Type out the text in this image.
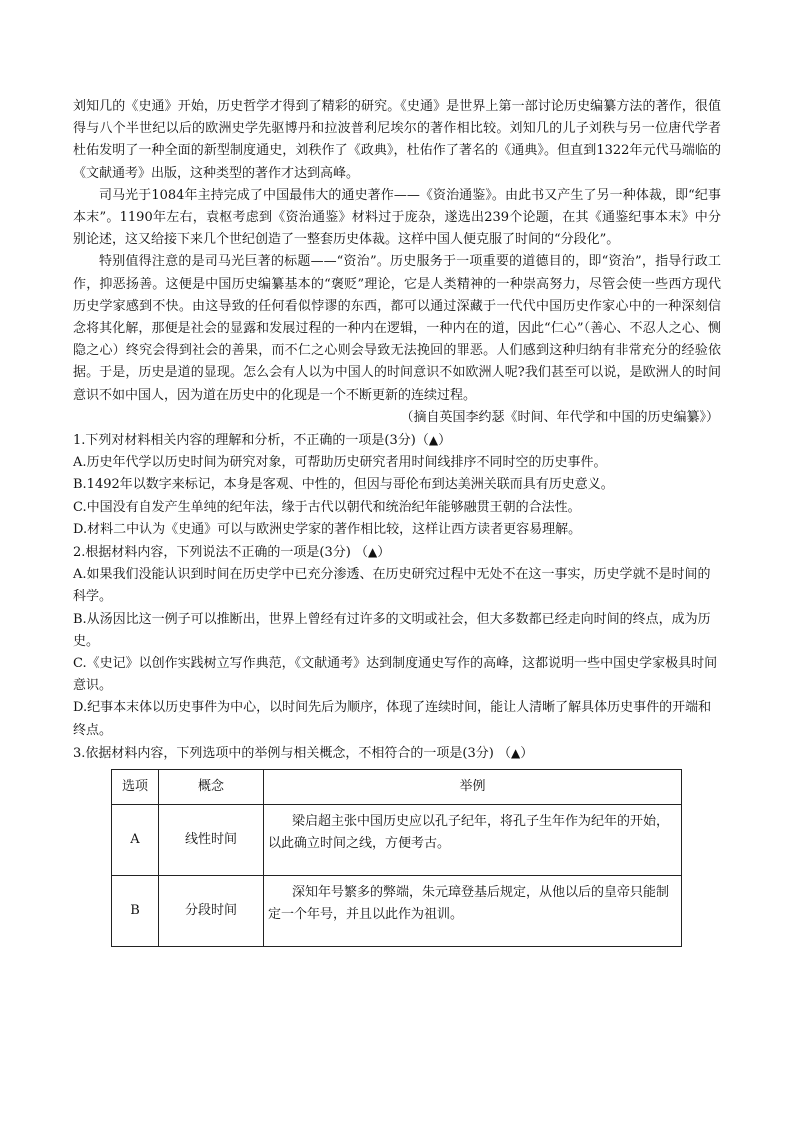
刘知几的《史通》开始，历史哲学才得到了精彩的研究。《史通》是世界上第一部讨论历史编纂方法的著作，很值得与八个半世纪以后的欧洲史学先驱博丹和拉波普利尼埃尔的著作相比较。刘知几的儿子刘秩与另一位唐代学者杜佑发明了一种全面的新型制度通史，刘秩作了《政典》，杜佑作了著名的《通典》。但直到1322年元代马端临的《文献通考》出版，这种类型的著作才达到高峰。

司马光于1084年主持完成了中国最伟大的通史著作——《资治通鉴》。由此书又产生了另一种体裁，即“纪事本末”。1190年左右，袁枢考虑到《资治通鉴》材料过于庞杂，遂选出239个论题，在其《通鉴纪事本末》中分别论述，这又给接下来几个世纪创造了一整套历史体裁。这样中国人便克服了时间的“分段化”。

特别值得注意的是司马光巨著的标题——“资治”。历史服务于一项重要的道德目的，即“资治”，指导行政工作，抑恶扬善。这便是中国历史编纂基本的“褒贬”理论，它是人类精神的一种崇高努力，尽管会使一些西方现代历史学家感到不快。由这导致的任何看似悖谬的东西，都可以通过深藏于一代代中国历史作家心中的一种深刻信念将其化解，那便是社会的显露和发展过程的一种内在逻辑，一种内在的道，因此“仁心”（善心、不忍人之心、恻隐之心）终究会得到社会的善果，而不仁之心则会导致无法挽回的罪恶。人们感到这种归纳有非常充分的经验依据。于是，历史是道的显现。怎么会有人以为中国人的时间意识不如欧洲人呢?我们甚至可以说，是欧洲人的时间意识不如中国人，因为道在历史中的化现是一个不断更新的连续过程。

（摘自英国李约瑟《时间、年代学和中国的历史编纂》）

1.下列对材料相关内容的理解和分析，不正确的一项是(3分)（▲）

A.历史年代学以历史时间为研究对象，可帮助历史研究者用时间线排序不同时空的历史事件。

B.1492年以数字来标记，本身是客观、中性的，但因与哥伦布到达美洲关联而具有历史意义。

C.中国没有自发产生单纯的纪年法，缘于古代以朝代和统治纪年能够融贯王朝的合法性。

D.材料二中认为《史通》可以与欧洲史学家的著作相比较，这样让西方读者更容易理解。

2.根据材料内容，下列说法不正确的一项是(3分) （▲）

A.如果我们没能认识到时间在历史学中已充分渗透、在历史研究过程中无处不在这一事实，历史学就不是时间的科学。

B.从汤因比这一例子可以推断出，世界上曾经有过许多的文明或社会，但大多数都已经走向时间的终点，成为历史。

C.《史记》以创作实践树立写作典范，《文献通考》达到制度通史写作的高峰，这都说明一些中国史学家极具时间意识。

D.纪事本末体以历史事件为中心，以时间先后为顺序，体现了连续时间，能让人清晰了解具体历史事件的开端和终点。

3.依据材料内容，下列选项中的举例与相关概念，不相符合的一项是(3分) （▲）

选项	概念	举例
A	线性时间	梁启超主张中国历史应以孔子纪年，将孔子生年作为纪年的开始，以此确立时间之线，方便考古。

B	分段时间	深知年号繁多的弊端，朱元璋登基后规定，从他以后的皇帝只能制定一个年号，并且以此作为祖训。
